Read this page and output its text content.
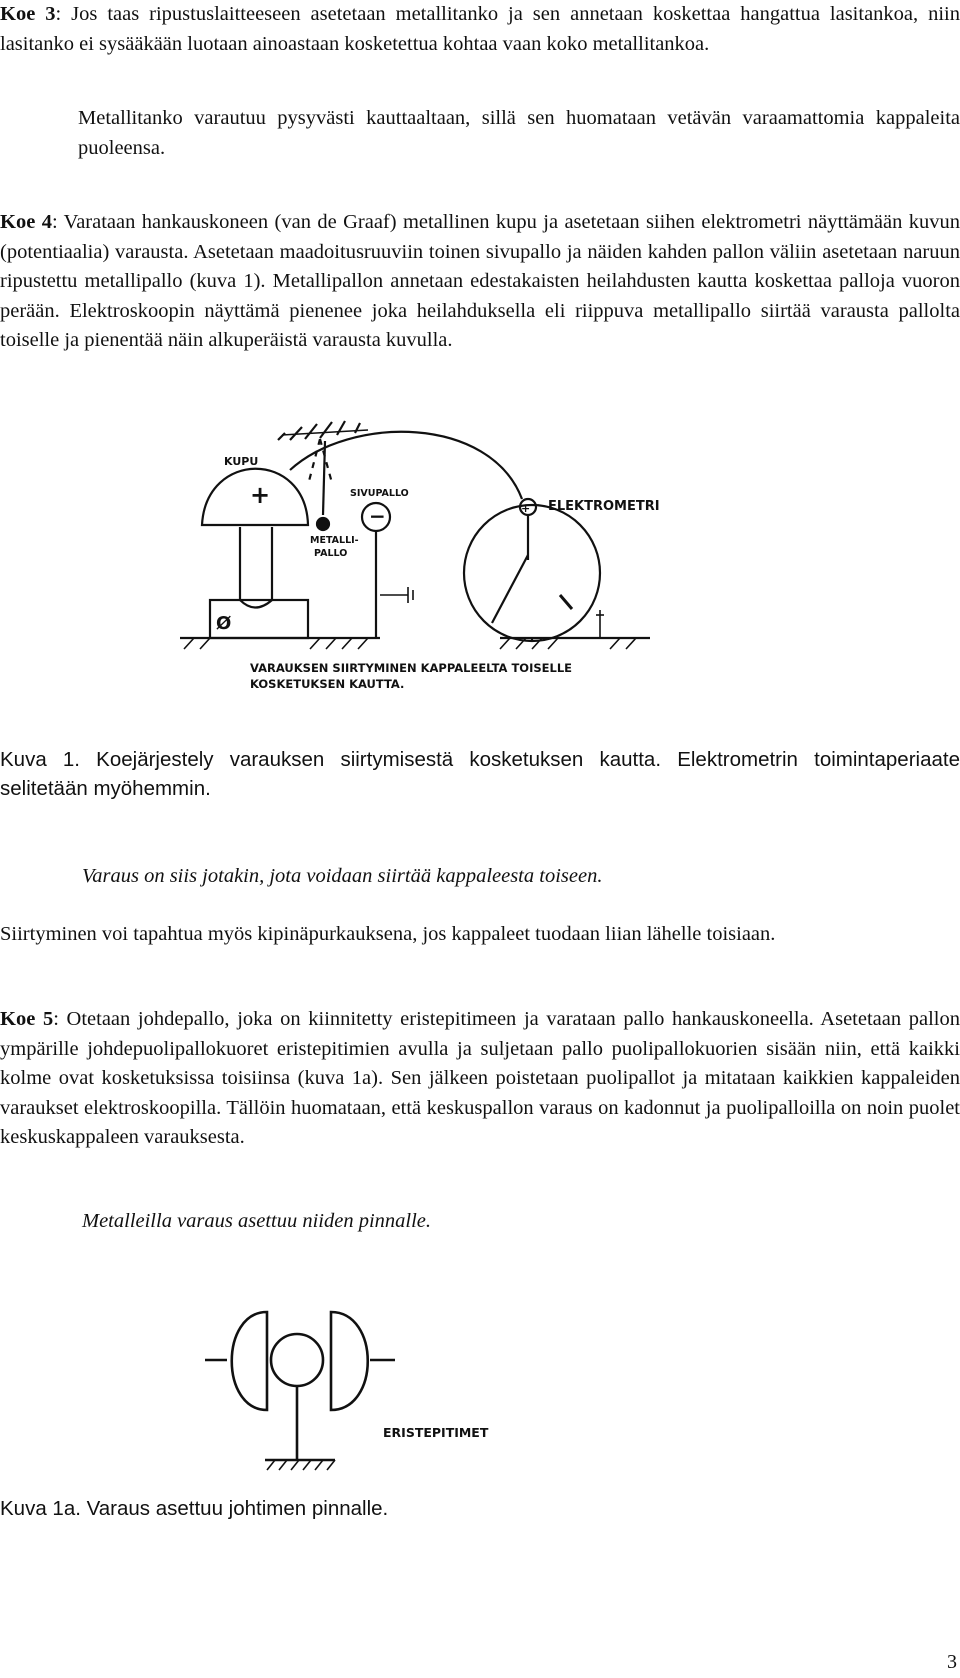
Koe 3: Jos taas ripustuslaitteeseen asetetaan metallitanko ja sen annetaan koskettaa hangattua lasitankoa, niin lasitanko ei sysääkään luotaan ainoastaan kosketettua kohtaa vaan koko metallitankoa.

Metallitanko varautuu pysyvästi kauttaaltaan, sillä sen huomataan vetävän varaamattomia kappaleita puoleensa.

Koe 4: Varataan hankauskoneen (van de Graaf) metallinen kupu ja asetetaan siihen elektrometri näyttämään kuvun (potentiaalia) varausta. Asetetaan maadoitusruuviin toinen sivupallo ja näiden kahden pallon väliin asetetaan naruun ripustettu metallipallo (kuva 1). Metallipallon annetaan edestakaisten heilahdusten kautta koskettaa palloja vuoron perään. Elektroskoopin näyttämä pienenee joka heilahduksella eli riippuva metallipallo siirtää varausta pallolta toiselle ja pienentää näin alkuperäistä varausta kuvulla.

KUPU
+
Ø
SIVUPALLO
−
METALLI-
PALLO
+ ELEKTROMETRI
VARAUKSEN SIIRTYMINEN KAPPALEELTA TOISELLE
KOSKETUKSEN KAUTTA.

Kuva 1. Koejärjestely varauksen siirtymisestä kosketuksen kautta. Elektrometrin toimintaperiaate selitetään myöhemmin.

Varaus on siis jotakin, jota voidaan siirtää kappaleesta toiseen.

Siirtyminen voi tapahtua myös kipinäpurkauksena, jos kappaleet tuodaan liian lähelle toisiaan.

Koe 5: Otetaan johdepallo, joka on kiinnitetty eristepitimeen ja varataan pallo hankauskoneella. Asetetaan pallon ympärille johdepuolipallokuoret eristepitimien avulla ja suljetaan pallo puolipallokuorien sisään niin, että kaikki kolme ovat kosketuksissa toisiinsa (kuva 1a). Sen jälkeen poistetaan puolipallot ja mitataan kaikkien kappaleiden varaukset elektroskoopilla. Tällöin huomataan, että keskuspallon varaus on kadonnut ja puolipalloilla on noin puolet keskuskappaleen varauksesta.

Metalleilla varaus asettuu niiden pinnalle.

ERISTEPITIMET

Kuva 1a. Varaus asettuu johtimen pinnalle.

3
